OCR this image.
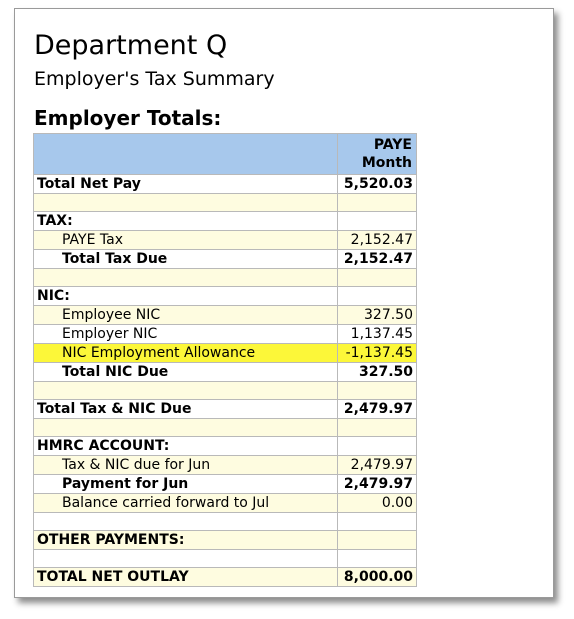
Department Q
Employer's Tax Summary
Employer Totals:
	PAYE
Month
Total Net Pay	5,520.03

TAX:	
PAYE Tax	2,152.47
Total Tax Due	2,152.47

NIC:	
Employee NIC	327.50
Employer NIC	1,137.45
NIC Employment Allowance	-1,137.45
Total NIC Due	327.50

Total Tax & NIC Due	2,479.97

HMRC ACCOUNT:	
Tax & NIC due for Jun	2,479.97
Payment for Jun	2,479.97
Balance carried forward to Jul	0.00

OTHER PAYMENTS:	

TOTAL NET OUTLAY	8,000.00
